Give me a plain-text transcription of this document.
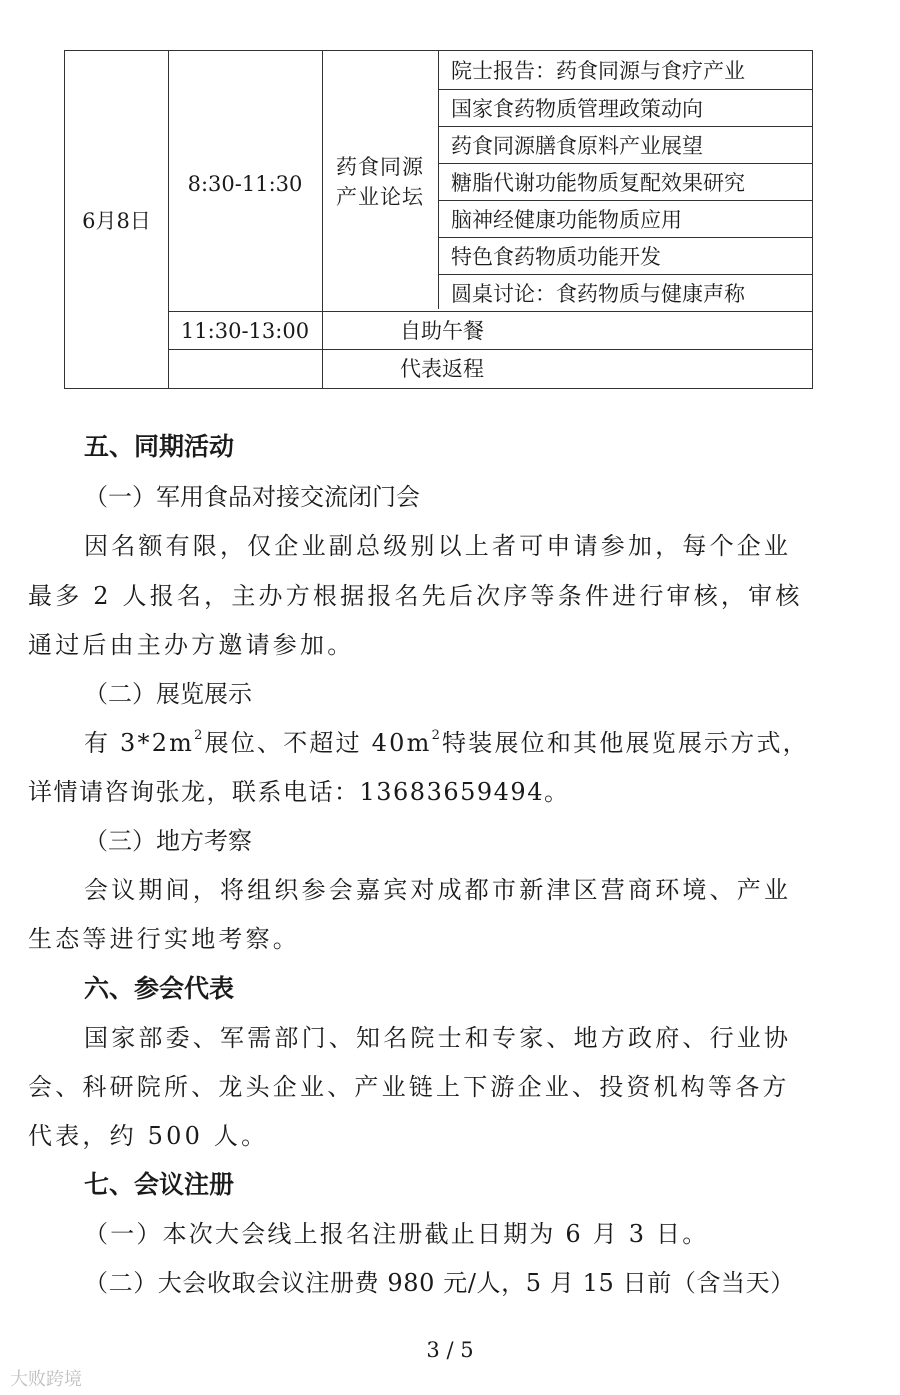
6月8日
8:30-11:30
药食同源
产业论坛
院士报告：药食同源与食疗产业
国家食药物质管理政策动向
药食同源膳食原料产业展望
糖脂代谢功能物质复配效果研究
脑神经健康功能物质应用
特色食药物质功能开发
圆桌讨论：食药物质与健康声称
11:30-13:00	自助午餐
代表返程
五、同期活动
（一）军用食品对接交流闭门会
因名额有限，仅企业副总级别以上者可申请参加，每个企业
最多 2 人报名，主办方根据报名先后次序等条件进行审核，审核
通过后由主办方邀请参加。
（二）展览展示
有 $3*2m^2$展位、不超过 $40m^2$特装展位和其他展览展示方式，
详情请咨询张龙，联系电话：13683659494。
（三）地方考察
会议期间，将组织参会嘉宾对成都市新津区营商环境、产业
生态等进行实地考察。
六、参会代表
国家部委、军需部门、知名院士和专家、地方政府、行业协
会、科研院所、龙头企业、产业链上下游企业、投资机构等各方
代表，约 500 人。
七、会议注册
（一）本次大会线上报名注册截止日期为 6 月 3 日。
（二）大会收取会议注册费 980 元/人，5 月 15 日前（含当天）
3 / 5
大败跨境
